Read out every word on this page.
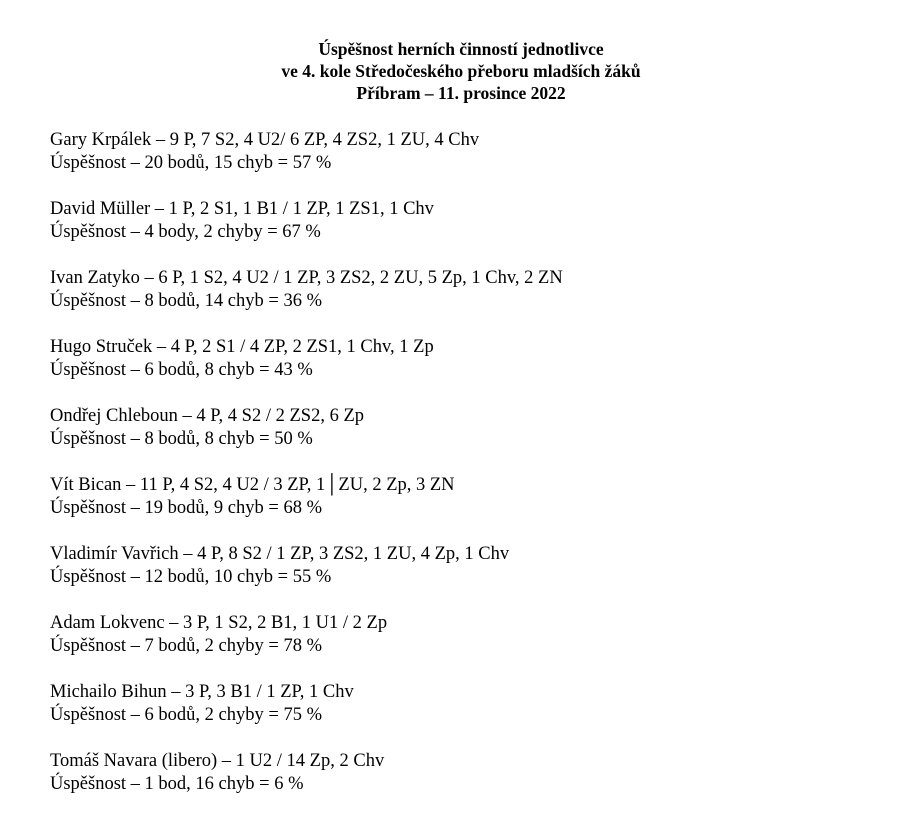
Úspěšnost herních činností jednotlivce
ve 4. kole Středočeského přeboru mladších žáků
Příbram – 11. prosince 2022
Gary Krpálek – 9 P, 7 S2, 4 U2/ 6 ZP, 4 ZS2, 1 ZU, 4 Chv
Úspěšnost – 20 bodů, 15 chyb = 57 %
David Müller – 1 P, 2 S1, 1 B1 / 1 ZP, 1 ZS1, 1 Chv
Úspěšnost – 4 body, 2 chyby = 67 %
Ivan Zatyko – 6 P, 1 S2, 4 U2 / 1 ZP, 3 ZS2, 2 ZU, 5 Zp, 1 Chv, 2 ZN
Úspěšnost – 8 bodů, 14 chyb = 36 %
Hugo Struček – 4 P, 2 S1 / 4 ZP, 2 ZS1, 1 Chv, 1 Zp
Úspěšnost – 6 bodů, 8 chyb = 43 %
Ondřej Chleboun – 4 P, 4 S2 / 2 ZS2, 6 Zp
Úspěšnost – 8 bodů, 8 chyb = 50 %
Vít Bican – 11 P, 4 S2, 4 U2 / 3 ZP, 1│ZU, 2 Zp, 3 ZN
Úspěšnost – 19 bodů, 9 chyb = 68 %
Vladimír Vavřich – 4 P, 8 S2 / 1 ZP, 3 ZS2, 1 ZU, 4 Zp, 1 Chv
Úspěšnost – 12 bodů, 10 chyb = 55 %
Adam Lokvenc – 3 P, 1 S2, 2 B1, 1 U1 / 2 Zp
Úspěšnost – 7 bodů, 2 chyby = 78 %
Michailo Bihun – 3 P, 3 B1 / 1 ZP, 1 Chv
Úspěšnost – 6 bodů, 2 chyby = 75 %
Tomáš Navara (libero) – 1 U2 / 14 Zp, 2 Chv
Úspěšnost – 1 bod, 16 chyb = 6 %
